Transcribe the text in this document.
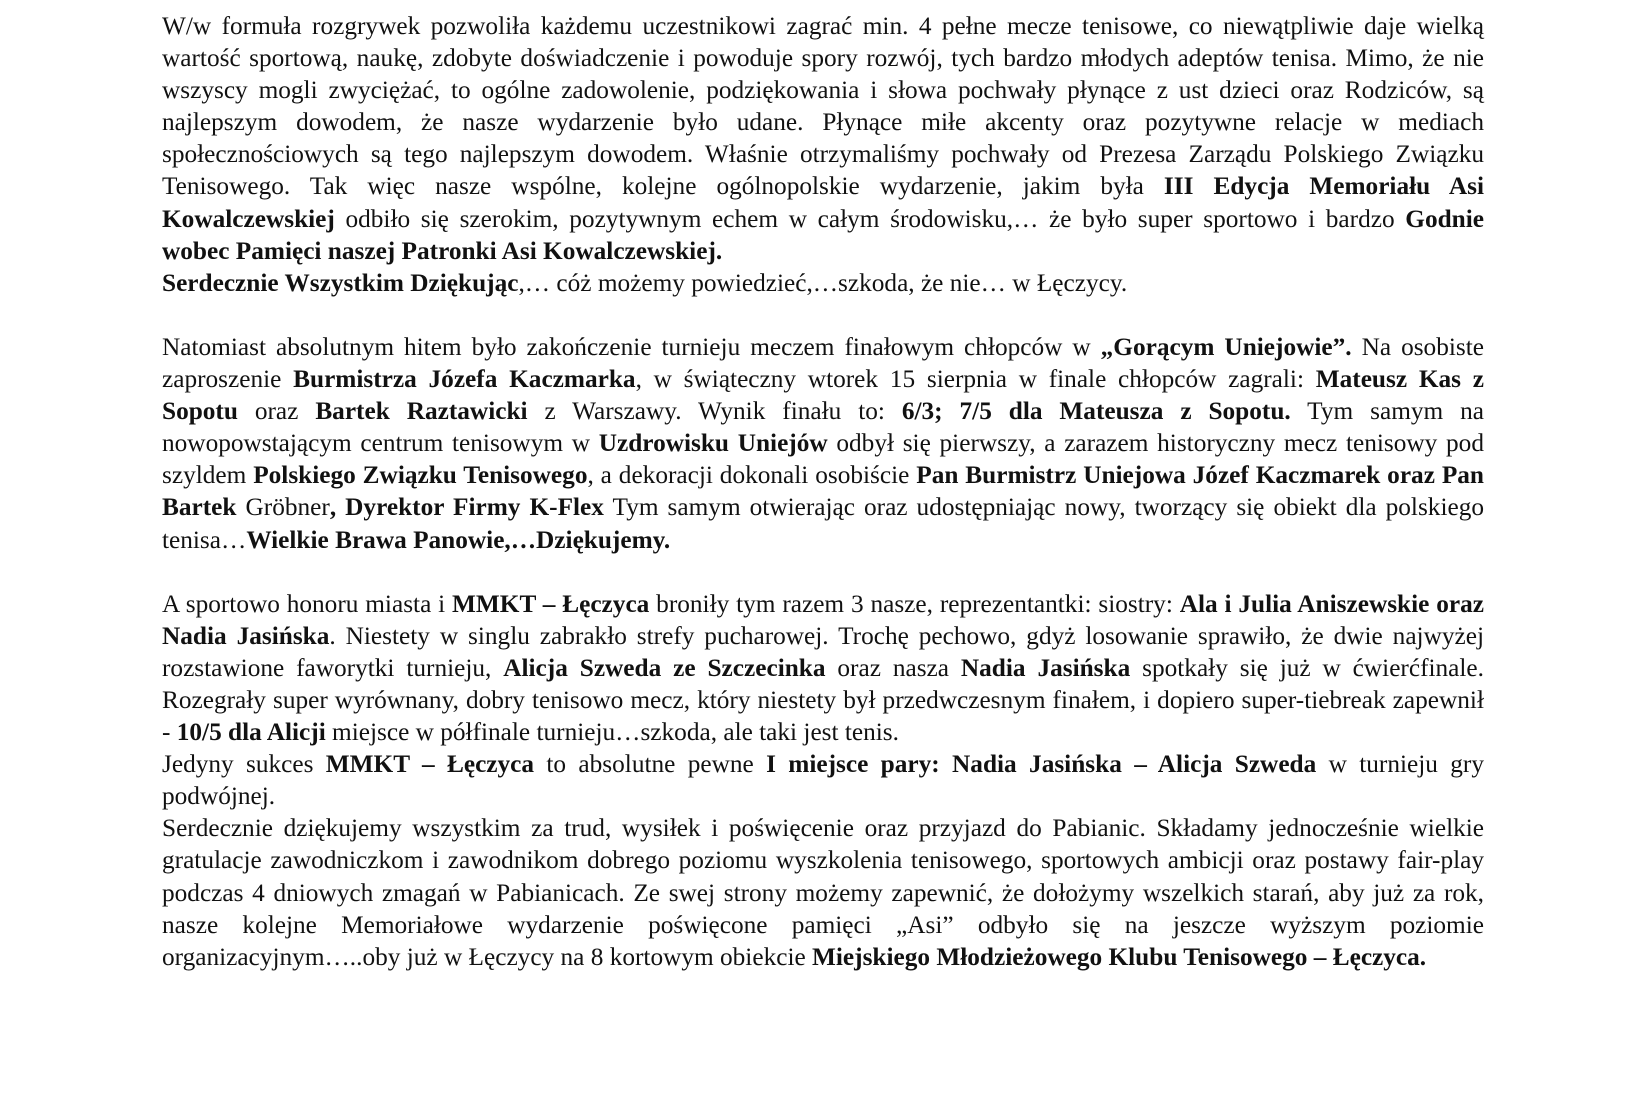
W/w formuła rozgrywek pozwoliła każdemu uczestnikowi zagrać min. 4 pełne mecze tenisowe, co niewątpliwie daje wielką wartość sportową, naukę, zdobyte doświadczenie i powoduje spory rozwój, tych bardzo młodych adeptów tenisa. Mimo, że nie wszyscy mogli zwyciężać, to ogólne zadowolenie, podziękowania i słowa pochwały płynące z ust dzieci oraz Rodziców, są najlepszym dowodem, że nasze wydarzenie było udane. Płynące miłe akcenty oraz pozytywne relacje w mediach społecznościowych są tego najlepszym dowodem. Właśnie otrzymaliśmy pochwały od Prezesa Zarządu Polskiego Związku Tenisowego. Tak więc nasze wspólne, kolejne ogólnopolskie wydarzenie, jakim była III Edycja Memoriału Asi Kowalczewskiej odbiło się szerokim, pozytywnym echem w całym środowisku,… że było super sportowo i bardzo Godnie wobec Pamięci naszej Patronki Asi Kowalczewskiej.

Serdecznie Wszystkim Dziękując,… cóż możemy powiedzieć,…szkoda, że nie… w Łęczycy.

Natomiast absolutnym hitem było zakończenie turnieju meczem finałowym chłopców w „Gorącym Uniejowie”. Na osobiste zaproszenie Burmistrza Józefa Kaczmarka, w świąteczny wtorek 15 sierpnia w finale chłopców zagrali: Mateusz Kas z Sopotu oraz Bartek Raztawicki z Warszawy. Wynik finału to: 6/3; 7/5 dla Mateusza z Sopotu. Tym samym na nowopowstającym centrum tenisowym w Uzdrowisku Uniejów odbył się pierwszy, a zarazem historyczny mecz tenisowy pod szyldem Polskiego Związku Tenisowego, a dekoracji dokonali osobiście Pan Burmistrz Uniejowa Józef Kaczmarek oraz Pan Bartek Gröbner, Dyrektor Firmy K-Flex Tym samym otwierając oraz udostępniając nowy, tworzący się obiekt dla polskiego tenisa…Wielkie Brawa Panowie,…Dziękujemy.

A sportowo honoru miasta i MMKT – Łęczyca broniły tym razem 3 nasze, reprezentantki: siostry: Ala i Julia Aniszewskie oraz Nadia Jasińska. Niestety w singlu zabrakło strefy pucharowej. Trochę pechowo, gdyż losowanie sprawiło, że dwie najwyżej rozstawione faworytki turnieju, Alicja Szweda ze Szczecinka oraz nasza Nadia Jasińska spotkały się już w ćwierćfinale. Rozegrały super wyrównany, dobry tenisowo mecz, który niestety był przedwczesnym finałem, i dopiero super-tiebreak zapewnił - 10/5 dla Alicji miejsce w półfinale turnieju…szkoda, ale taki jest tenis.

Jedyny sukces MMKT – Łęczyca to absolutne pewne I miejsce pary: Nadia Jasińska – Alicja Szweda w turnieju gry podwójnej.

Serdecznie dziękujemy wszystkim za trud, wysiłek i poświęcenie oraz przyjazd do Pabianic. Składamy jednocześnie wielkie gratulacje zawodniczkom i zawodnikom dobrego poziomu wyszkolenia tenisowego, sportowych ambicji oraz postawy fair-play podczas 4 dniowych zmagań w Pabianicach. Ze swej strony możemy zapewnić, że dołożymy wszelkich starań, aby już za rok, nasze kolejne Memoriałowe wydarzenie poświęcone pamięci „Asi” odbyło się na jeszcze wyższym poziomie organizacyjnym…..oby już w Łęczycy na 8 kortowym obiekcie Miejskiego Młodzieżowego Klubu Tenisowego – Łęczyca.
